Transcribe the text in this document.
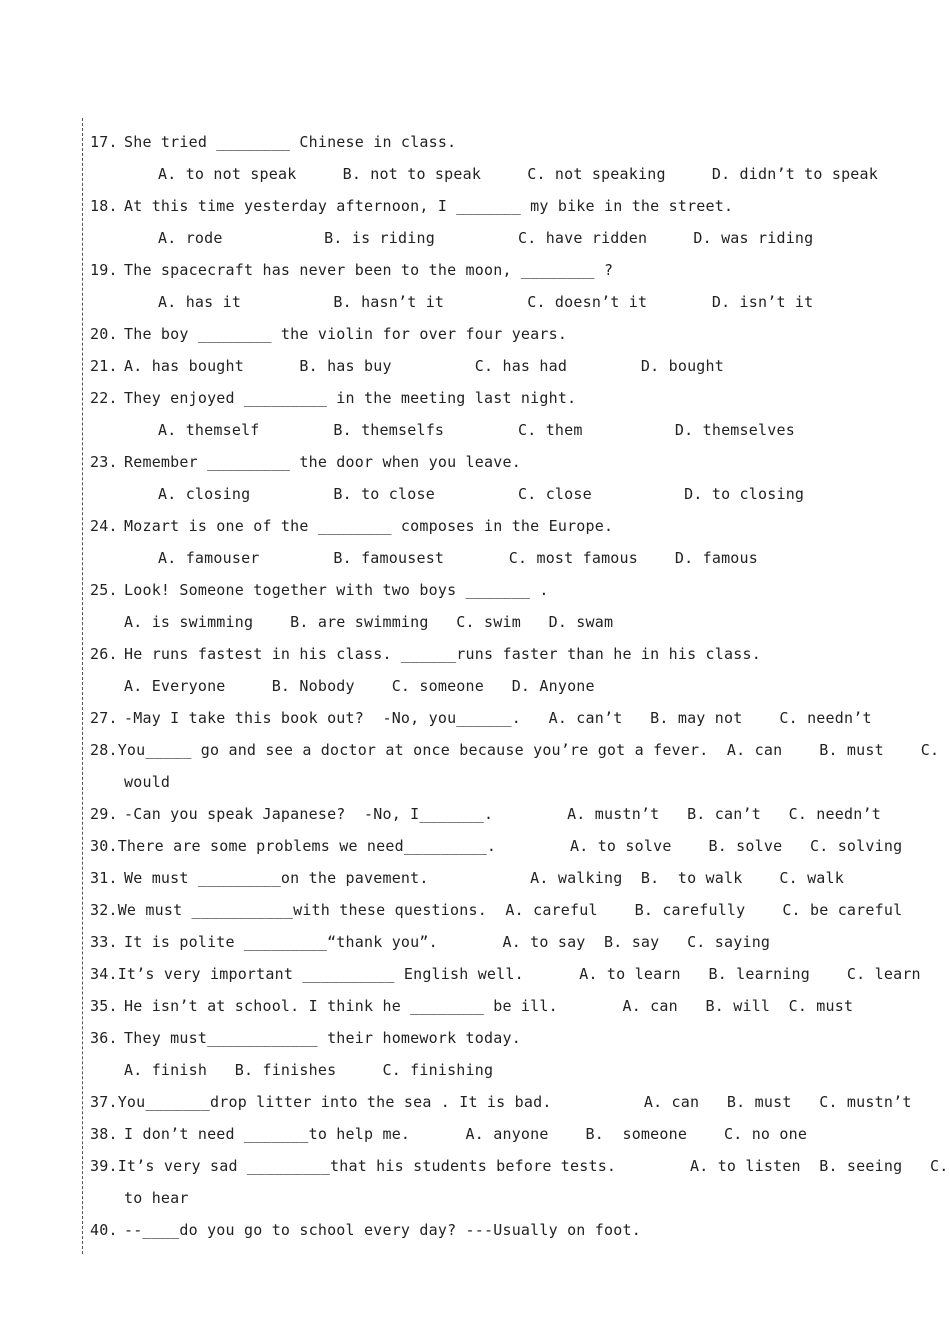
17. She tried ________ Chinese in class.
A. to not speak     B. not to speak     C. not speaking     D. didn’t to speak
18. At this time yesterday afternoon, I _______ my bike in the street.
A. rode           B. is riding         C. have ridden     D. was riding
19. The spacecraft has never been to the moon, ________ ?
A. has it          B. hasn’t it         C. doesn’t it       D. isn’t it
20. The boy ________ the violin for over four years.
21. A. has bought      B. has buy         C. has had        D. bought
22. They enjoyed _________ in the meeting last night.
A. themself        B. themselfs        C. them          D. themselves
23. Remember _________ the door when you leave.
A. closing         B. to close         C. close          D. to closing
24. Mozart is one of the ________ composes in the Europe.
A. famouser        B. famousest       C. most famous    D. famous
25. Look! Someone together with two boys _______ .
A. is swimming    B. are swimming   C. swim   D. swam
26. He runs fastest in his class. ______runs faster than he in his class.
A. Everyone     B. Nobody    C. someone   D. Anyone
27. -May I take this book out?  -No, you______.   A. can’t   B. may not    C. needn’t
28. You_____ go and see a doctor at once because you’re got a fever.  A. can    B. must    C.
would
29. -Can you speak Japanese?  -No, I_______.        A. mustn’t   B. can’t   C. needn’t
30. There are some problems we need_________.        A. to solve    B. solve   C. solving
31. We must _________on the pavement.           A. walking  B.  to walk    C. walk
32. We must ___________with these questions.  A. careful    B. carefully    C. be careful
33. It is polite _________“thank you”.       A. to say  B. say   C. saying
34. It’s very important __________ English well.      A. to learn   B. learning    C. learn
35. He isn’t at school. I think he ________ be ill.       A. can   B. will  C. must
36. They must____________ their homework today.
A. finish   B. finishes     C. finishing
37. You_______drop litter into the sea . It is bad.          A. can   B. must   C. mustn’t
38. I don’t need _______to help me.      A. anyone    B.  someone    C. no one
39. It’s very sad _________that his students before tests.        A. to listen  B. seeing   C.
to hear
40. --____do you go to school every day? ---Usually on foot.
